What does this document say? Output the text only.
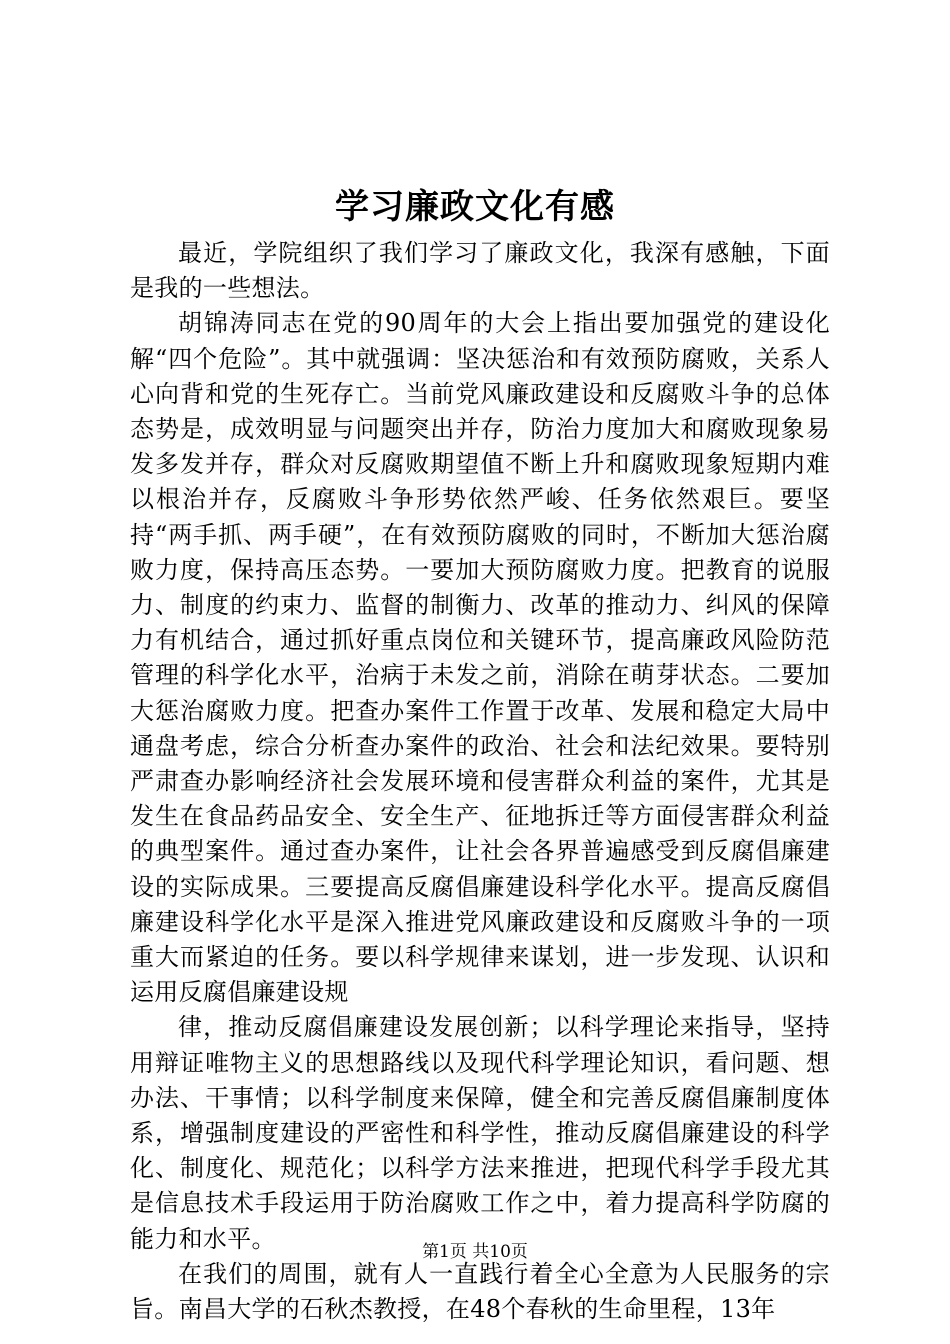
学习廉政文化有感

最近，学院组织了我们学习了廉政文化，我深有感触，下面是我的一些想法。

胡锦涛同志在党的90周年的大会上指出要加强党的建设化解“四个危险”。其中就强调：坚决惩治和有效预防腐败，关系人心向背和党的生死存亡。当前党风廉政建设和反腐败斗争的总体态势是，成效明显与问题突出并存，防治力度加大和腐败现象易发多发并存，群众对反腐败期望值不断上升和腐败现象短期内难以根治并存，反腐败斗争形势依然严峻、任务依然艰巨。要坚持“两手抓、两手硬”，在有效预防腐败的同时，不断加大惩治腐败力度，保持高压态势。一要加大预防腐败力度。把教育的说服力、制度的约束力、监督的制衡力、改革的推动力、纠风的保障力有机结合，通过抓好重点岗位和关键环节，提高廉政风险防范管理的科学化水平，治病于未发之前，消除在萌芽状态。二要加大惩治腐败力度。把查办案件工作置于改革、发展和稳定大局中通盘考虑，综合分析查办案件的政治、社会和法纪效果。要特别严肃查办影响经济社会发展环境和侵害群众利益的案件，尤其是发生在食品药品安全、安全生产、征地拆迁等方面侵害群众利益的典型案件。通过查办案件，让社会各界普遍感受到反腐倡廉建设的实际成果。三要提高反腐倡廉建设科学化水平。提高反腐倡廉建设科学化水平是深入推进党风廉政建设和反腐败斗争的一项重大而紧迫的任务。要以科学规律来谋划，进一步发现、认识和运用反腐倡廉建设规

律，推动反腐倡廉建设发展创新；以科学理论来指导，坚持用辩证唯物主义的思想路线以及现代科学理论知识，看问题、想办法、干事情；以科学制度来保障，健全和完善反腐倡廉制度体系，增强制度建设的严密性和科学性，推动反腐倡廉建设的科学化、制度化、规范化；以科学方法来推进，把现代科学手段尤其是信息技术手段运用于防治腐败工作之中，着力提高科学防腐的能力和水平。

在我们的周围，就有人一直践行着全心全意为人民服务的宗旨。南昌大学的石秋杰教授，在48个春秋的生命里程，13年

第1页 共10页
